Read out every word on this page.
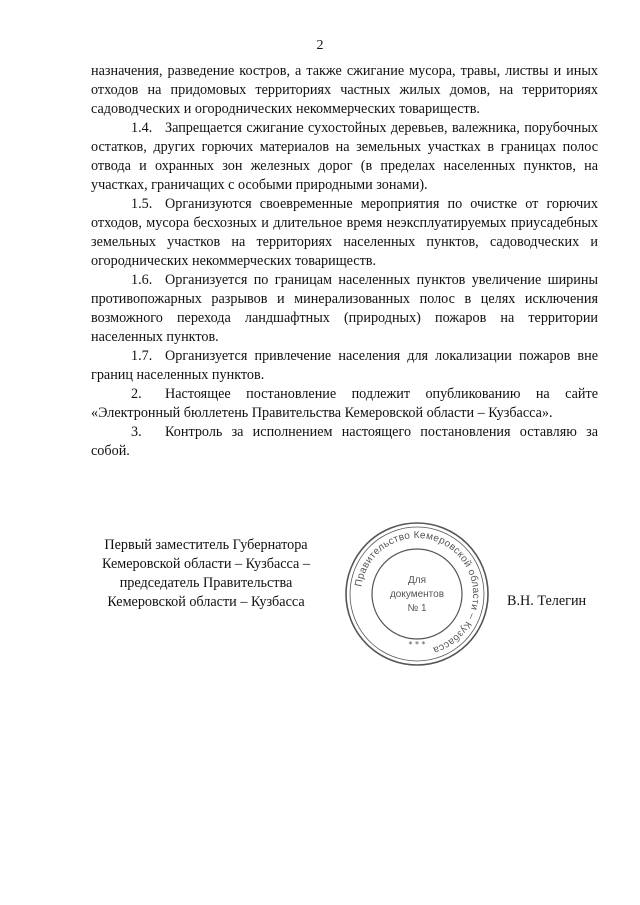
2

назначения, разведение костров, а также сжигание мусора, травы, листвы и иных отходов на придомовых территориях частных жилых домов, на территориях садоводческих и огороднических некоммерческих товариществ.

1.4. Запрещается сжигание сухостойных деревьев, валежника, порубочных остатков, других горючих материалов на земельных участках в границах полос отвода и охранных зон железных дорог (в пределах населенных пунктов, на участках, граничащих с особыми природными зонами).

1.5. Организуются своевременные мероприятия по очистке от горючих отходов, мусора бесхозных и длительное время неэксплуатируемых приусадебных земельных участков на территориях населенных пунктов, садоводческих и огороднических некоммерческих товариществ.

1.6. Организуется по границам населенных пунктов увеличение ширины противопожарных разрывов и минерализованных полос в целях исключения возможного перехода ландшафтных (природных) пожаров на территории населенных пунктов.

1.7. Организуется привлечение населения для локализации пожаров вне границ населенных пунктов.

2. Настоящее постановление подлежит опубликованию на сайте «Электронный бюллетень Правительства Кемеровской области – Кузбасса».

3. Контроль за исполнением настоящего постановления оставляю за собой.

Первый заместитель Губернатора
Кемеровской области – Кузбасса –
председатель Правительства
Кемеровской области – Кузбасса	В.Н. Телегин
Правительство Кемеровской области – Кузбасса
* * *
Для
документов
№ 1
